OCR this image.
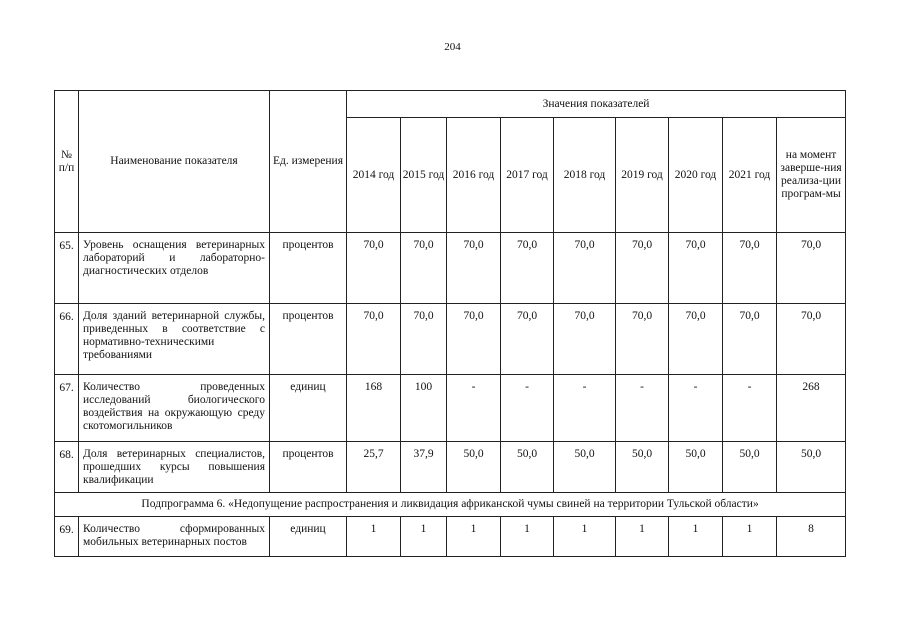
204
№ п/п	Наименование показателя	Ед. измерения	Значения показателей								
			2014 год	2015 год	2016 год	2017 год	2018 год	2019 год	2020 год	2021 год	на момент заверше-ния реализа-ции програм-мы
65.	Уровень оснащения ветеринарных лабораторий и лабораторно-диагностических отделов	процентов	70,0	70,0	70,0	70,0	70,0	70,0	70,0	70,0	70,0
66.	Доля зданий ветеринарной службы, приведенных в соответствие с нормативно-техническими требованиями	процентов	70,0	70,0	70,0	70,0	70,0	70,0	70,0	70,0	70,0
67.	Количество проведенных исследований биологического воздействия на окружающую среду скотомогильников	единиц	168	100	-	-	-	-	-	-	268
68.	Доля ветеринарных специалистов, прошедших курсы повышения квалификации	процентов	25,7	37,9	50,0	50,0	50,0	50,0	50,0	50,0	50,0
Подпрограмма 6. «Недопущение распространения и ликвидация африканской чумы свиней на территории Тульской области»											
69.	Количество сформированных мобильных ветеринарных постов	единиц	1	1	1	1	1	1	1	1	8
